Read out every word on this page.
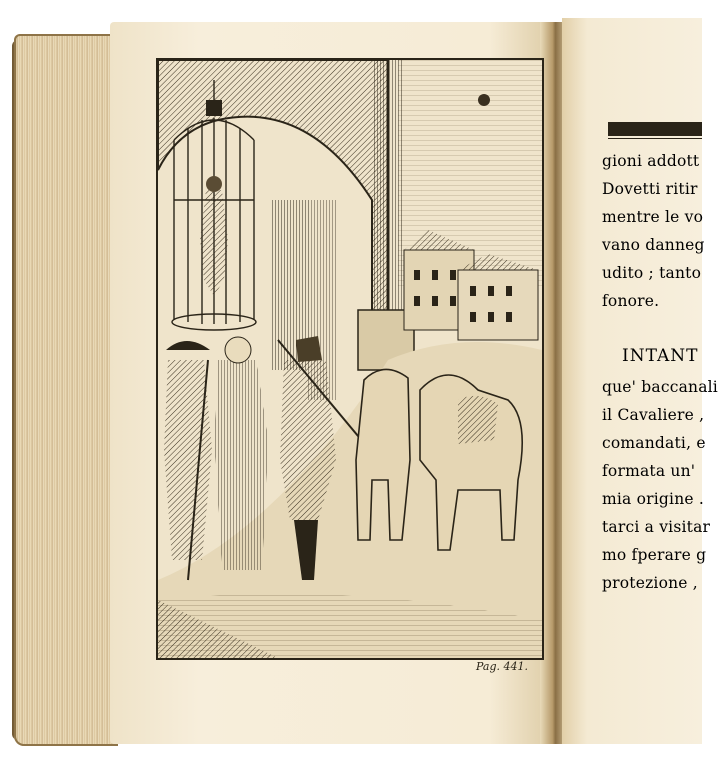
Pag. 441.
gioni addott
Dovetti ritir
mentre le vo
vano danneg
udito ; tanto
fonore.
INTANT
que' baccanali
il Cavaliere ,
comandati, e
formata un'
mia origine .
tarci a visitar
mo fperare g
protezione ,
